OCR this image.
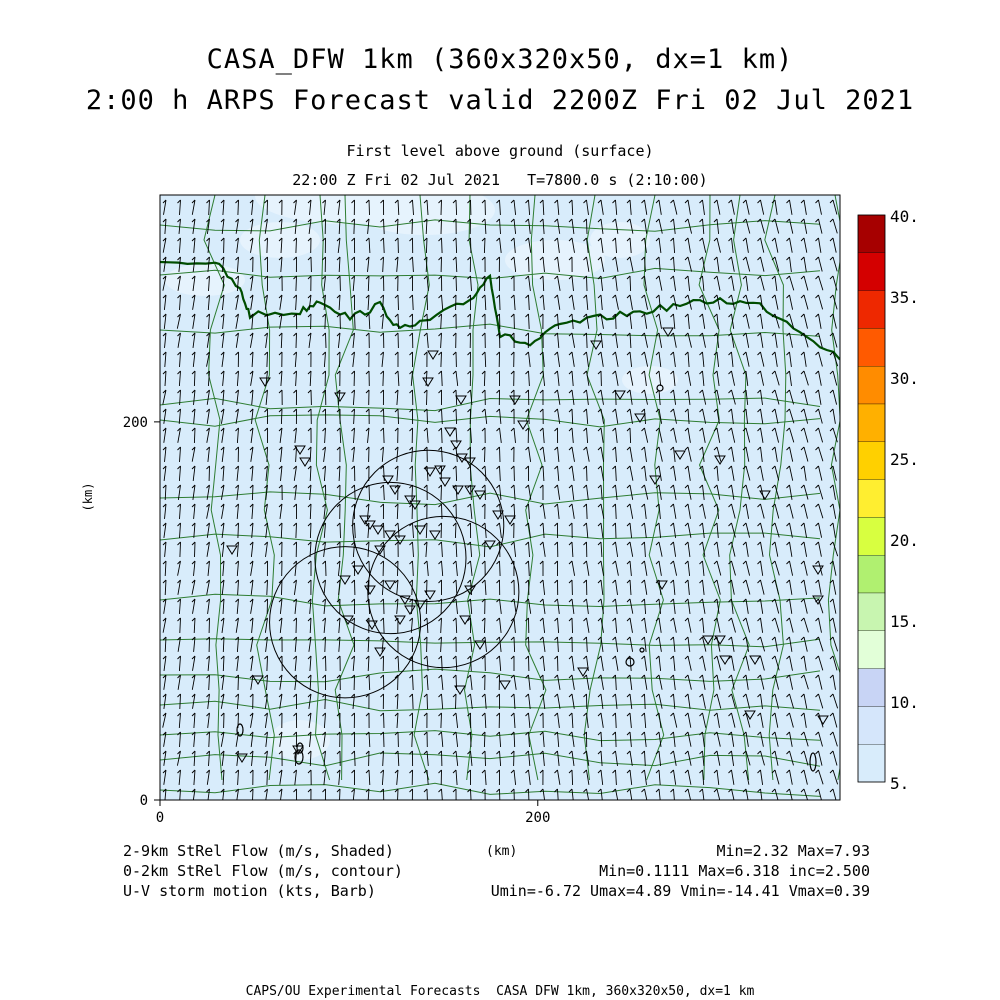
CASA_DFW 1km (360x320x50, dx=1 km)
2:00 h ARPS Forecast valid 2200Z Fri 02 Jul 2021
First level above ground (surface)
22:00 Z Fri 02 Jul 2021   T=7800.0 s (2:10:00)
0	200
0
200
(km)
40.
35.
30.
25.
20.
15.
10.
5.
2-9km StRel Flow (m/s, Shaded)	(km)	Min=2.32 Max=7.93
0-2km StRel Flow (m/s, contour)	Min=0.1111 Max=6.318 inc=2.500
U-V storm motion (kts, Barb)	Umin=-6.72 Umax=4.89 Vmin=-14.41 Vmax=0.39
CAPS/OU Experimental Forecasts  CASA DFW 1km, 360x320x50, dx=1 km
